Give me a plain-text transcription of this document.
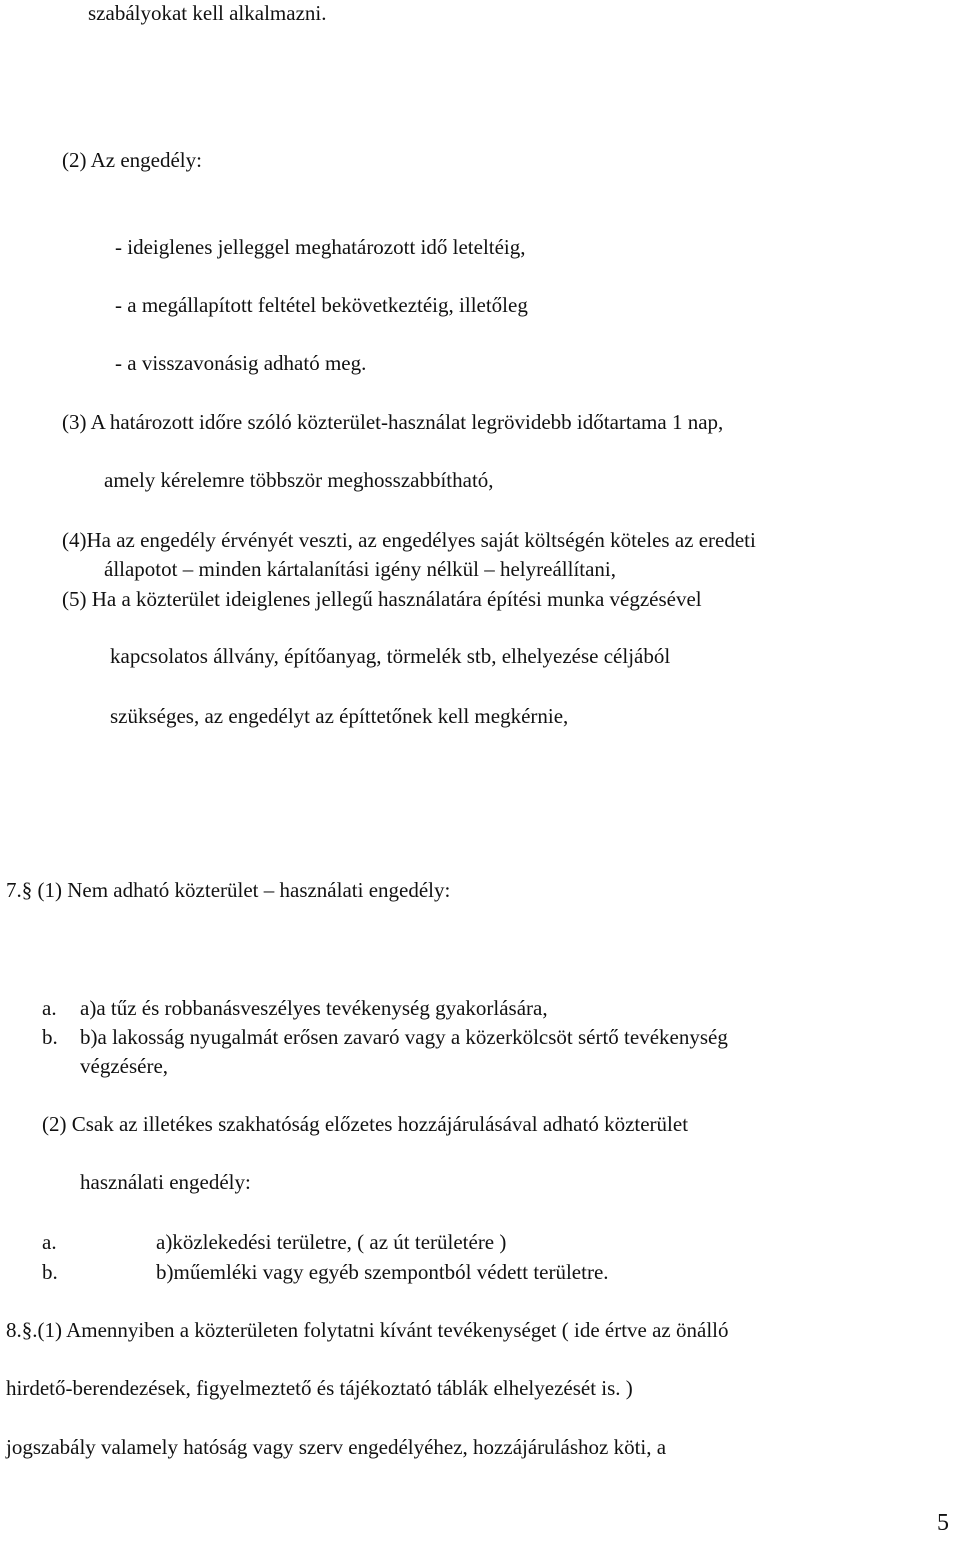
szabályokat kell alkalmazni.
(2) Az engedély:
- ideiglenes jelleggel meghatározott idő leteltéig,
- a megállapított feltétel bekövetkeztéig, illetőleg
- a visszavonásig adható meg.
(3) A határozott időre szóló közterület-használat legrövidebb időtartama 1 nap,
amely kérelemre többször meghosszabbítható,
(4)Ha az engedély érvényét veszti, az engedélyes saját költségén köteles az eredeti
állapotot – minden kártalanítási igény nélkül – helyreállítani,
(5) Ha a közterület ideiglenes jellegű használatára építési munka végzésével
kapcsolatos állvány, építőanyag, törmelék stb, elhelyezése céljából
szükséges, az engedélyt az építtetőnek kell megkérnie,
7.§ (1) Nem adható közterület – használati engedély:
a. a)a tűz és robbanásveszélyes tevékenység gyakorlására,
b. b)a lakosság nyugalmát erősen zavaró vagy a közerkölcsöt sértő tevékenység
végzésére,
(2) Csak az illetékes szakhatóság előzetes hozzájárulásával adható közterület
használati engedély:
a.	a)közlekedési területre, ( az út területére )
b.	b)műemléki vagy egyéb szempontból védett területre.
8.§.(1) Amennyiben a közterületen folytatni kívánt tevékenységet ( ide értve az önálló
hirdető-berendezések, figyelmeztető és tájékoztató táblák elhelyezését is. )
jogszabály valamely hatóság vagy szerv engedélyéhez, hozzájáruláshoz köti, a
5
